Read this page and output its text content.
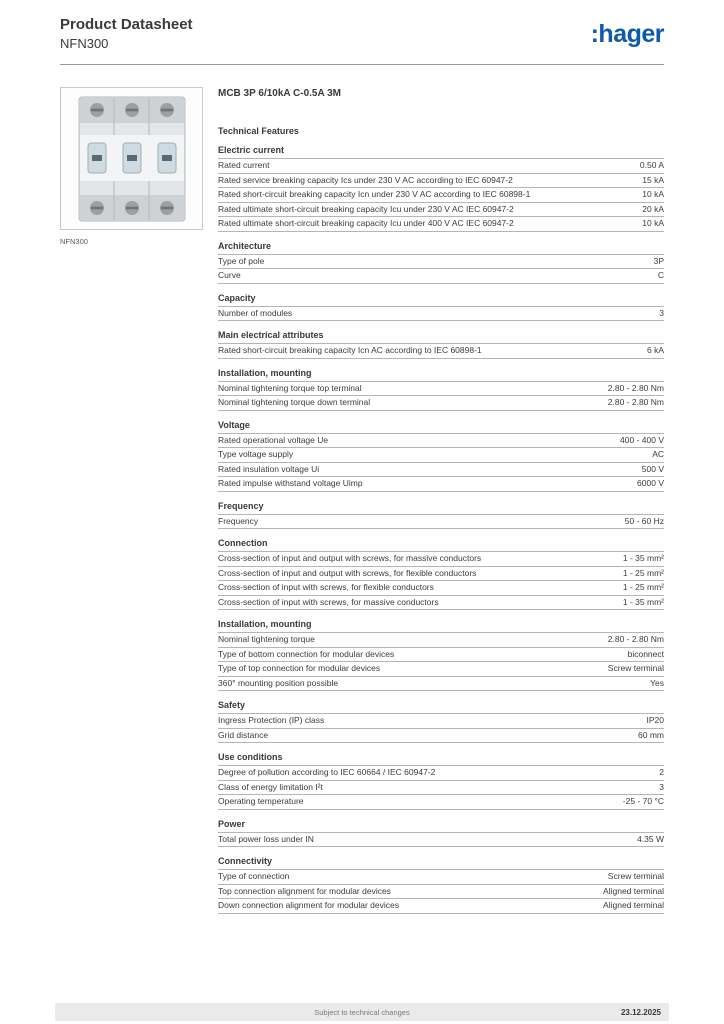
Product Datasheet
NFN300	:hager
NFN300
MCB 3P 6/10kA C-0.5A 3M
Technical Features
Electric current
Rated current	0.50 A
Rated service breaking capacity Ics under 230 V AC according to IEC 60947-2	15 kA
Rated short-circuit breaking capacity Icn under 230 V AC according to IEC 60898-1	10 kA
Rated ultimate short-circuit breaking capacity Icu under 230 V AC IEC 60947-2	20 kA
Rated ultimate short-circuit breaking capacity Icu under 400 V AC IEC 60947-2	10 kA
Architecture
Type of pole	3P
Curve	C
Capacity
Number of modules	3
Main electrical attributes
Rated short-circuit breaking capacity Icn AC according to IEC 60898-1	6 kA
Installation, mounting
Nominal tightening torque top terminal	2.80 - 2.80 Nm
Nominal tightening torque down terminal	2.80 - 2.80 Nm
Voltage
Rated operational voltage Ue	400 - 400 V
Type voltage supply	AC
Rated insulation voltage Ui	500 V
Rated impulse withstand voltage Uimp	6000 V
Frequency
Frequency	50 - 60 Hz
Connection
Cross-section of input and output with screws, for massive conductors	1 - 35 mm²
Cross-section of input and output with screws, for flexible conductors	1 - 25 mm²
Cross-section of input with screws, for flexible conductors	1 - 25 mm²
Cross-section of input with screws, for massive conductors	1 - 35 mm²
Installation, mounting
Nominal tightening torque	2.80 - 2.80 Nm
Type of bottom connection for modular devices	biconnect
Type of top connection for modular devices	Screw terminal
360° mounting position possible	Yes
Safety
Ingress Protection (IP) class	IP20
Grid distance	60 mm
Use conditions
Degree of pollution according to IEC 60664 / IEC 60947-2	2
Class of energy limitation I²t	3
Operating temperature	-25 - 70 °C
Power
Total power loss under IN	4.35 W
Connectivity
Type of connection	Screw terminal
Top connection alignment for modular devices	Aligned terminal
Down connection alignment for modular devices	Aligned terminal
Subject to technical changes	23.12.2025
